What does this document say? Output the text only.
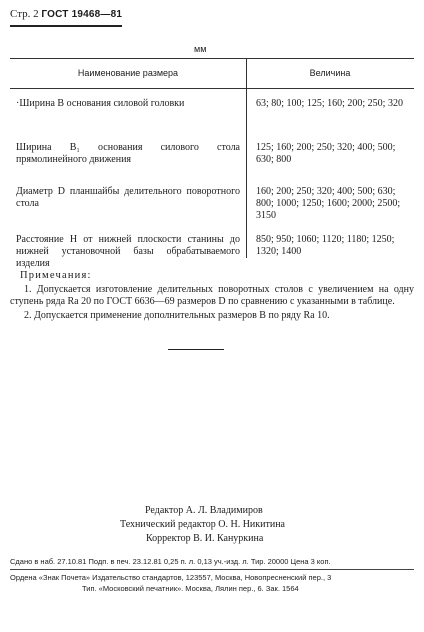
Стр. 2 ГОСТ 19468—81
мм
Наименование размера	Величина
·Ширина B основания силовой головки	63; 80; 100; 125; 160; 200; 250; 320
Ширина B₁ основания силового стола прямолинейного движения
125; 160; 200; 250; 320; 400; 500; 630; 800
Диаметр D планшайбы делительного поворотного стола
160; 200; 250; 320; 400; 500; 630; 800; 1000; 1250; 1600; 2000; 2500; 3150
Расстояние H от нижней плоскости станины до нижней установочной базы обрабатываемого изделия
850; 950; 1060; 1120; 1180; 1250; 1320; 1400
Примечания:
1. Допускается изготовление делительных поворотных столов с увеличением на одну ступень ряда Ra 20 по ГОСТ 6636—69 размеров D по сравнению с указанными в таблице.
2. Допускается применение дополнительных размеров B по ряду Ra 10.
Редактор А. Л. Владимиров
Технический редактор О. Н. Никитина
Корректор В. И. Кануркина
Сдано в наб. 27.10.81 Подп. в печ. 23.12.81 0,25 п. л. 0,13 уч.-изд. л. Тир. 20000 Цена 3 коп.
Ордена «Знак Почета» Издательство стандартов, 123557, Москва, Новопресненский пер., 3
Тип. «Московский печатник». Москва, Лялин пер., 6. Зак. 1564
